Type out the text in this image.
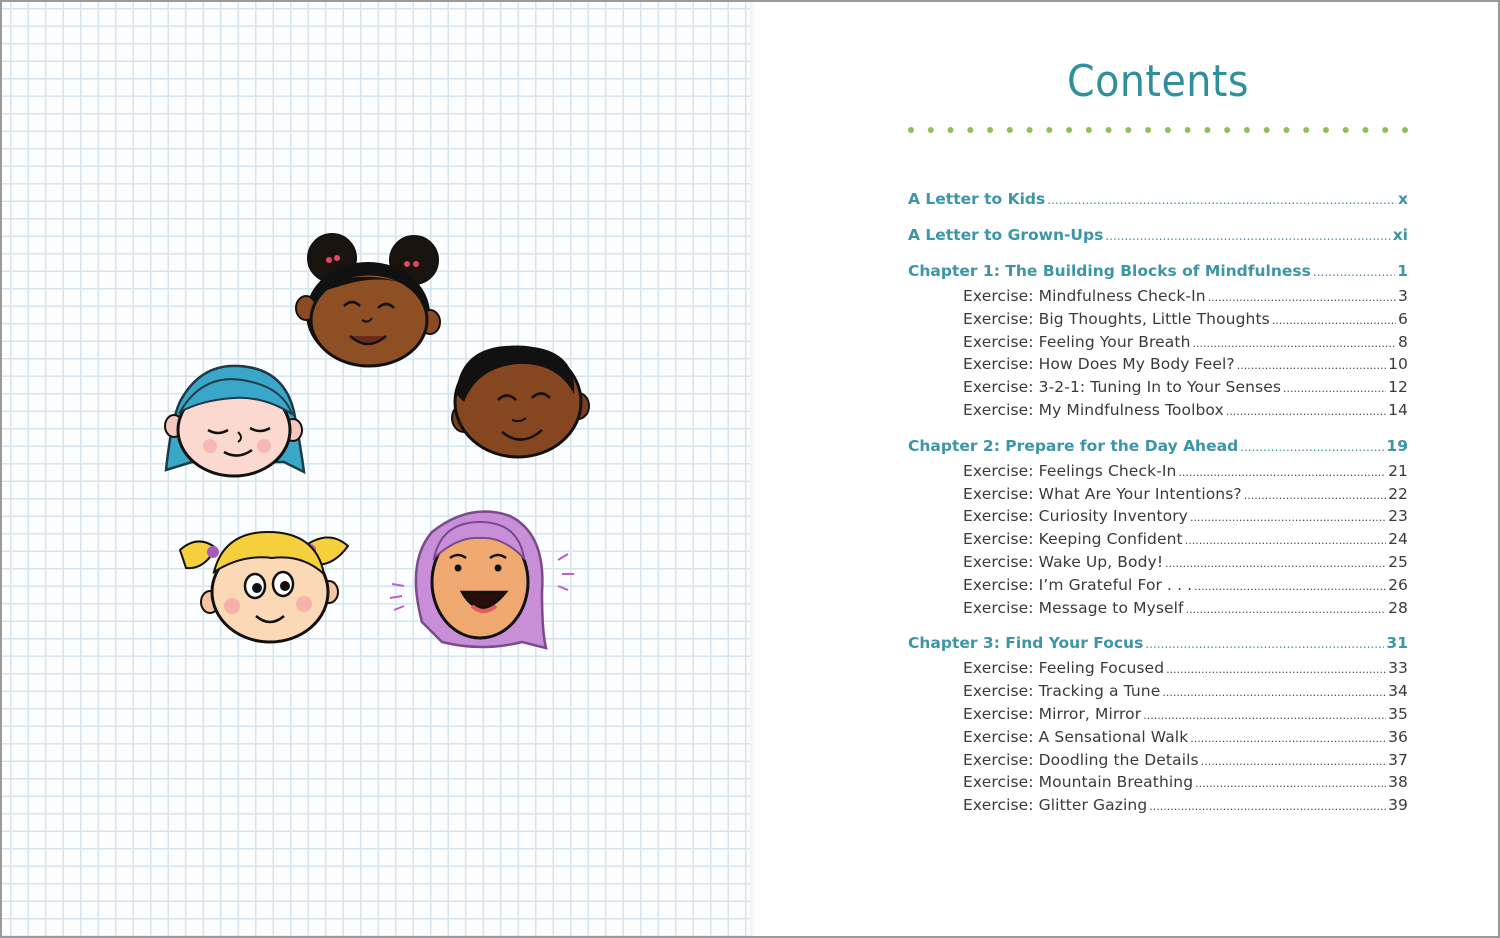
Contents
A Letter to Kids .....	x
A Letter to Grown-Ups .....	xi
Chapter 1: The Building Blocks of Mindfulness .....	1
Exercise: Mindfulness Check-In .....	3
Exercise: Big Thoughts, Little Thoughts .....	6
Exercise: Feeling Your Breath .....	8
Exercise: How Does My Body Feel? .....	10
Exercise: 3-2-1: Tuning In to Your Senses .....	12
Exercise: My Mindfulness Toolbox .....	14
Chapter 2: Prepare for the Day Ahead .....	19
Exercise: Feelings Check-In .....	21
Exercise: What Are Your Intentions? .....	22
Exercise: Curiosity Inventory .....	23
Exercise: Keeping Confident .....	24
Exercise: Wake Up, Body! .....	25
Exercise: I’m Grateful For . . . .....	26
Exercise: Message to Myself .....	28
Chapter 3: Find Your Focus .....	31
Exercise: Feeling Focused .....	33
Exercise: Tracking a Tune .....	34
Exercise: Mirror, Mirror .....	35
Exercise: A Sensational Walk .....	36
Exercise: Doodling the Details .....	37
Exercise: Mountain Breathing .....	38
Exercise: Glitter Gazing .....	39
